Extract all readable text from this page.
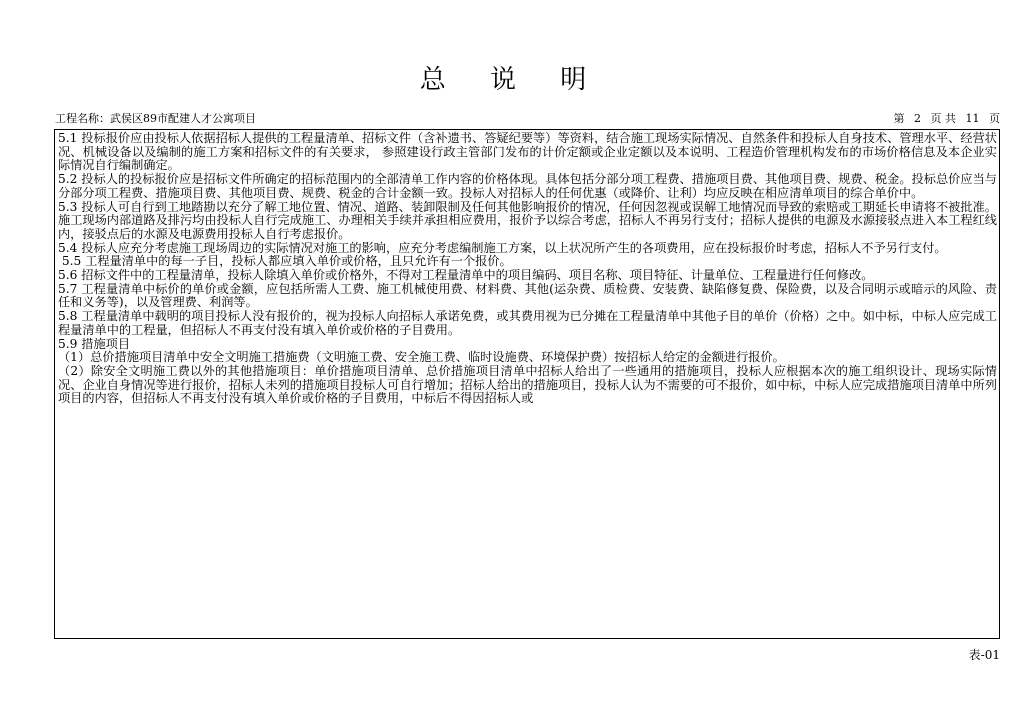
总 说 明
工程名称：武侯区89市配建人才公寓项目	第 2 页 共 11 页

5.1 投标报价应由投标人依据招标人提供的工程量清单、招标文件（含补遗书、答疑纪要等）等资料，结合施工现场实际情况、自然条件和投标人自身技术、管理水平、经营状况、机械设备以及编制的施工方案和招标文件的有关要求， 参照建设行政主管部门发布的计价定额或企业定额以及本说明、工程造价管理机构发布的市场价格信息及本企业实际情况自行编制确定。

5.2 投标人的投标报价应是招标文件所确定的招标范围内的全部清单工作内容的价格体现。具体包括分部分项工程费、措施项目费、其他项目费、规费、税金。投标总价应当与分部分项工程费、措施项目费、其他项目费、规费、税金的合计金额一致。投标人对招标人的任何优惠（或降价、让利）均应反映在相应清单项目的综合单价中。

5.3 投标人可自行到工地踏勘以充分了解工地位置、情况、道路、装卸限制及任何其他影响报价的情况，任何因忽视或误解工地情况而导致的索赔或工期延长申请将不被批准。施工现场内部道路及排污均由投标人自行完成施工、办理相关手续并承担相应费用，报价予以综合考虑，招标人不再另行支付；招标人提供的电源及水源接驳点进入本工程红线内，接驳点后的水源及电源费用投标人自行考虑报价。

5.4 投标人应充分考虑施工现场周边的实际情况对施工的影响，应充分考虑编制施工方案，以上状况所产生的各项费用，应在投标报价时考虑，招标人不予另行支付。

5.5 工程量清单中的每一子目，投标人都应填入单价或价格，且只允许有一个报价。

5.6 招标文件中的工程量清单，投标人除填入单价或价格外，不得对工程量清单中的项目编码、项目名称、项目特征、计量单位、工程量进行任何修改。

5.7 工程量清单中标价的单价或金额，应包括所需人工费、施工机械使用费、材料费、其他(运杂费、质检费、安装费、缺陷修复费、保险费，以及合同明示或暗示的风险、责任和义务等)，以及管理费、利润等。

5.8 工程量清单中载明的项目投标人没有报价的，视为投标人向招标人承诺免费，或其费用视为已分摊在工程量清单中其他子目的单价（价格）之中。如中标，中标人应完成工程量清单中的工程量，但招标人不再支付没有填入单价或价格的子目费用。

5.9 措施项目

（1）总价措施项目清单中安全文明施工措施费（文明施工费、安全施工费、临时设施费、环境保护费）按招标人给定的金额进行报价。

（2）除安全文明施工费以外的其他措施项目：单价措施项目清单、总价措施项目清单中招标人给出了一些通用的措施项目，投标人应根据本次的施工组织设计、现场实际情况、企业自身情况等进行报价，招标人未列的措施项目投标人可自行增加；招标人给出的措施项目，投标人认为不需要的可不报价，如中标，中标人应完成措施项目清单中所列项目的内容，但招标人不再支付没有填入单价或价格的子目费用，中标后不得因招标人或

表-01
